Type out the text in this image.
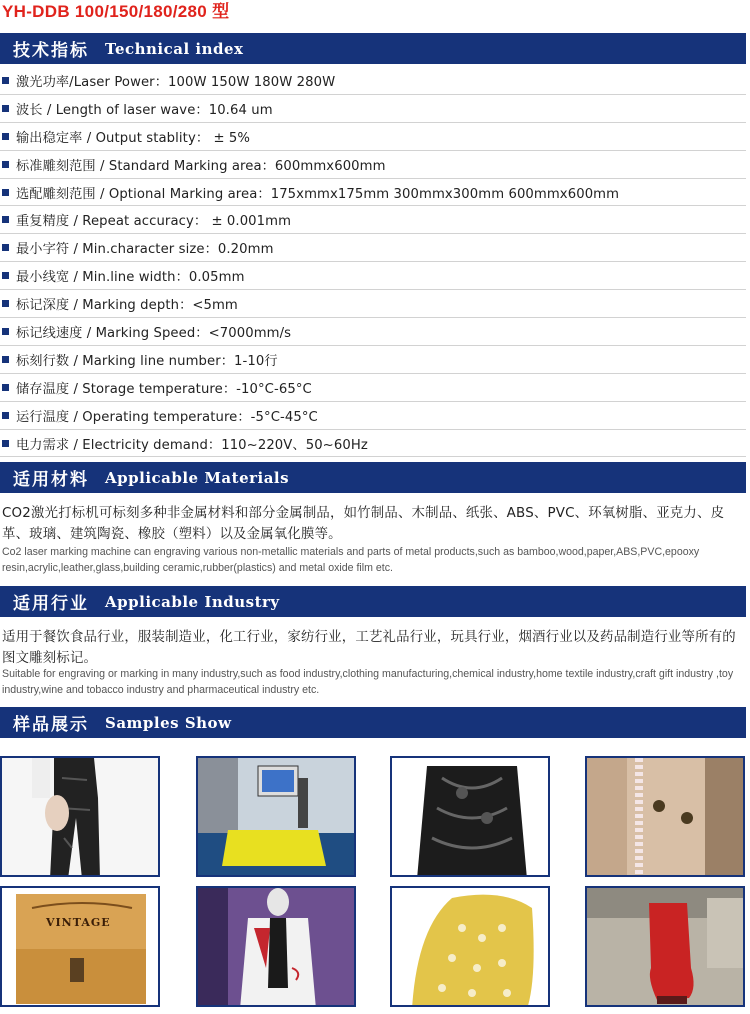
YH-DDB 100/150/180/280 型
技术指标 Technical index
激光功率/Laser Power：100W 150W 180W 280W
波长 / Length of laser wave：10.64 um
输出稳定率 / Output stablity： ± 5%
标准雕刻范围 / Standard Marking area：600mmx600mm
选配雕刻范围 / Optional Marking area：175xmmx175mm 300mmx300mm 600mmx600mm
重复精度 / Repeat accuracy： ± 0.001mm
最小字符 / Min.character size：0.20mm
最小线宽 / Min.line width：0.05mm
标记深度 / Marking depth：<5mm
标记线速度 / Marking Speed：<7000mm/s
标刻行数 / Marking line number：1-10行
储存温度 / Storage temperature：-10°C-65°C
运行温度 / Operating temperature：-5°C-45°C
电力需求 / Electricity demand：110~220V、50~60Hz
适用材料 Applicable Materials
CO2激光打标机可标刻多种非金属材料和部分金属制品，如竹制品、木制品、纸张、ABS、PVC、环氧树脂、亚克力、皮革、玻璃、建筑陶瓷、橡胶（塑料）以及金属氧化膜等。
Co2 laser marking machine can engraving various non-metallic materials and parts of metal products,such as bamboo,wood,paper,ABS,PVC,epooxy resin,acrylic,leather,glass,building ceramic,rubber(plastics) and metal oxide film etc.
适用行业 Applicable Industry
适用于餐饮食品行业，服装制造业，化工行业，家纺行业，工艺礼品行业，玩具行业，烟酒行业以及药品制造行业等所有的图文雕刻标记。
Suitable for engraving or marking in many industry,such as food industry,clothing manufacturing,chemical industry,home textile industry,craft gift industry ,toy industry,wine and tobacco industry and pharmaceutical industry etc.
样品展示 Samples Show
VINTAGE
